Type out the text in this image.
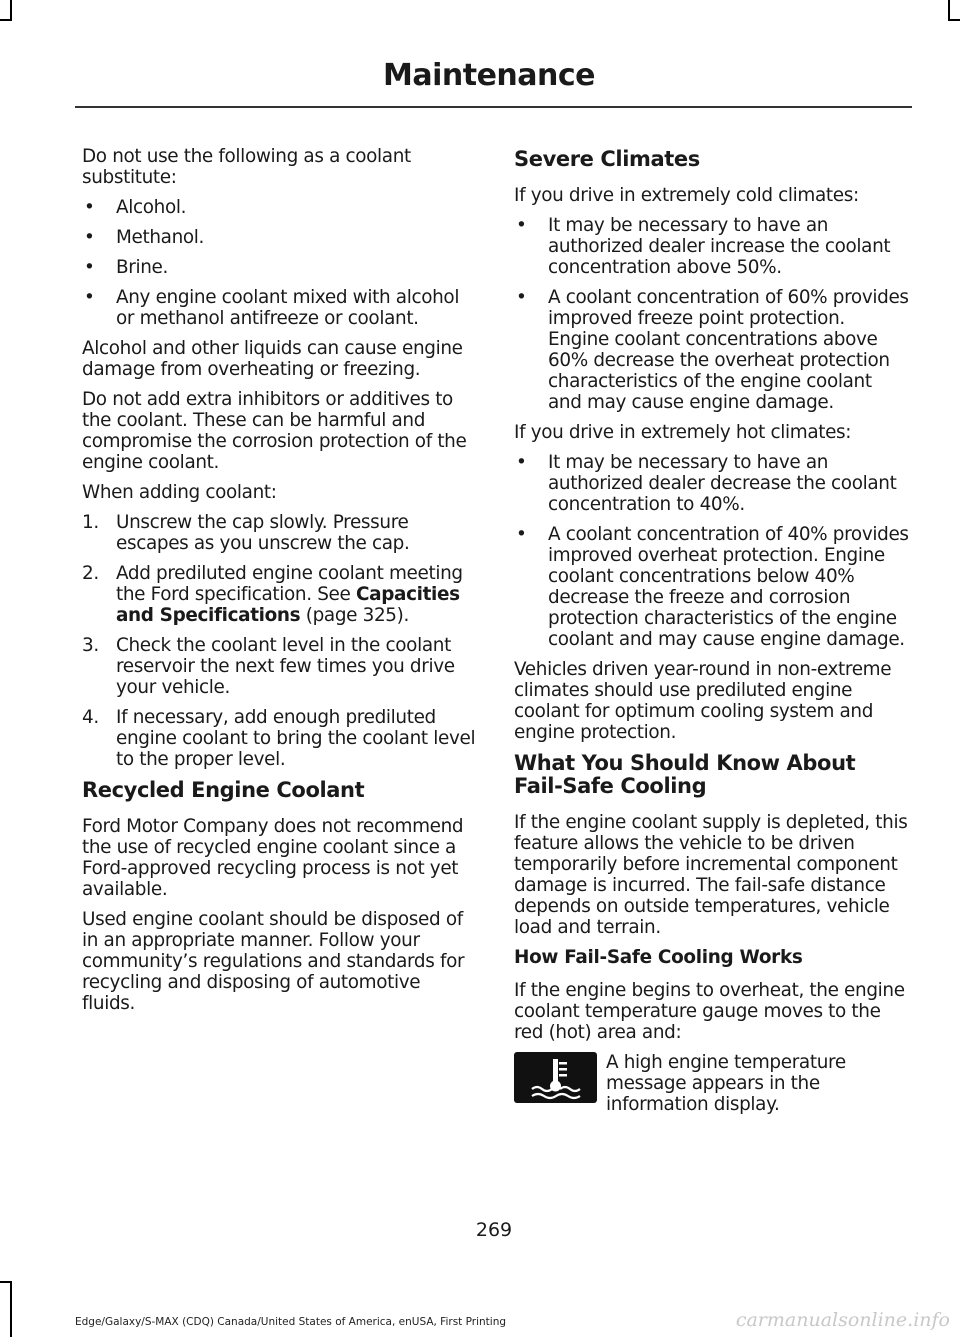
Maintenance

Do not use the following as a coolant substitute:

• Alcohol.
• Methanol.
• Brine.
• Any engine coolant mixed with alcohol or methanol antifreeze or coolant.

Alcohol and other liquids can cause engine damage from overheating or freezing.

Do not add extra inhibitors or additives to the coolant. These can be harmful and compromise the corrosion protection of the engine coolant.

When adding coolant:

1. Unscrew the cap slowly. Pressure escapes as you unscrew the cap.
2. Add prediluted engine coolant meeting the Ford specification. See Capacities and Specifications (page 325).
3. Check the coolant level in the coolant reservoir the next few times you drive your vehicle.
4. If necessary, add enough prediluted engine coolant to bring the coolant level to the proper level.
Recycled Engine Coolant

Ford Motor Company does not recommend the use of recycled engine coolant since a Ford-approved recycling process is not yet available.

Used engine coolant should be disposed of in an appropriate manner. Follow your community’s regulations and standards for recycling and disposing of automotive fluids.

Severe Climates

If you drive in extremely cold climates:

• It may be necessary to have an authorized dealer increase the coolant concentration above 50%.
• A coolant concentration of 60% provides improved freeze point protection. Engine coolant concentrations above 60% decrease the overheat protection characteristics of the engine coolant and may cause engine damage.

If you drive in extremely hot climates:

• It may be necessary to have an authorized dealer decrease the coolant concentration to 40%.
• A coolant concentration of 40% provides improved overheat protection. Engine coolant concentrations below 40% decrease the freeze and corrosion protection characteristics of the engine coolant and may cause engine damage.

Vehicles driven year-round in non-extreme climates should use prediluted engine coolant for optimum cooling system and engine protection.

What You Should Know About Fail-Safe Cooling

If the engine coolant supply is depleted, this feature allows the vehicle to be driven temporarily before incremental component damage is incurred. The fail-safe distance depends on outside temperatures, vehicle load and terrain.

How Fail-Safe Cooling Works

If the engine begins to overheat, the engine coolant temperature gauge moves to the red (hot) area and:

A high engine temperature message appears in the information display.
269
Edge/Galaxy/S-MAX (CDQ) Canada/United States of America, enUSA, First Printing	carmanualsonline.info
